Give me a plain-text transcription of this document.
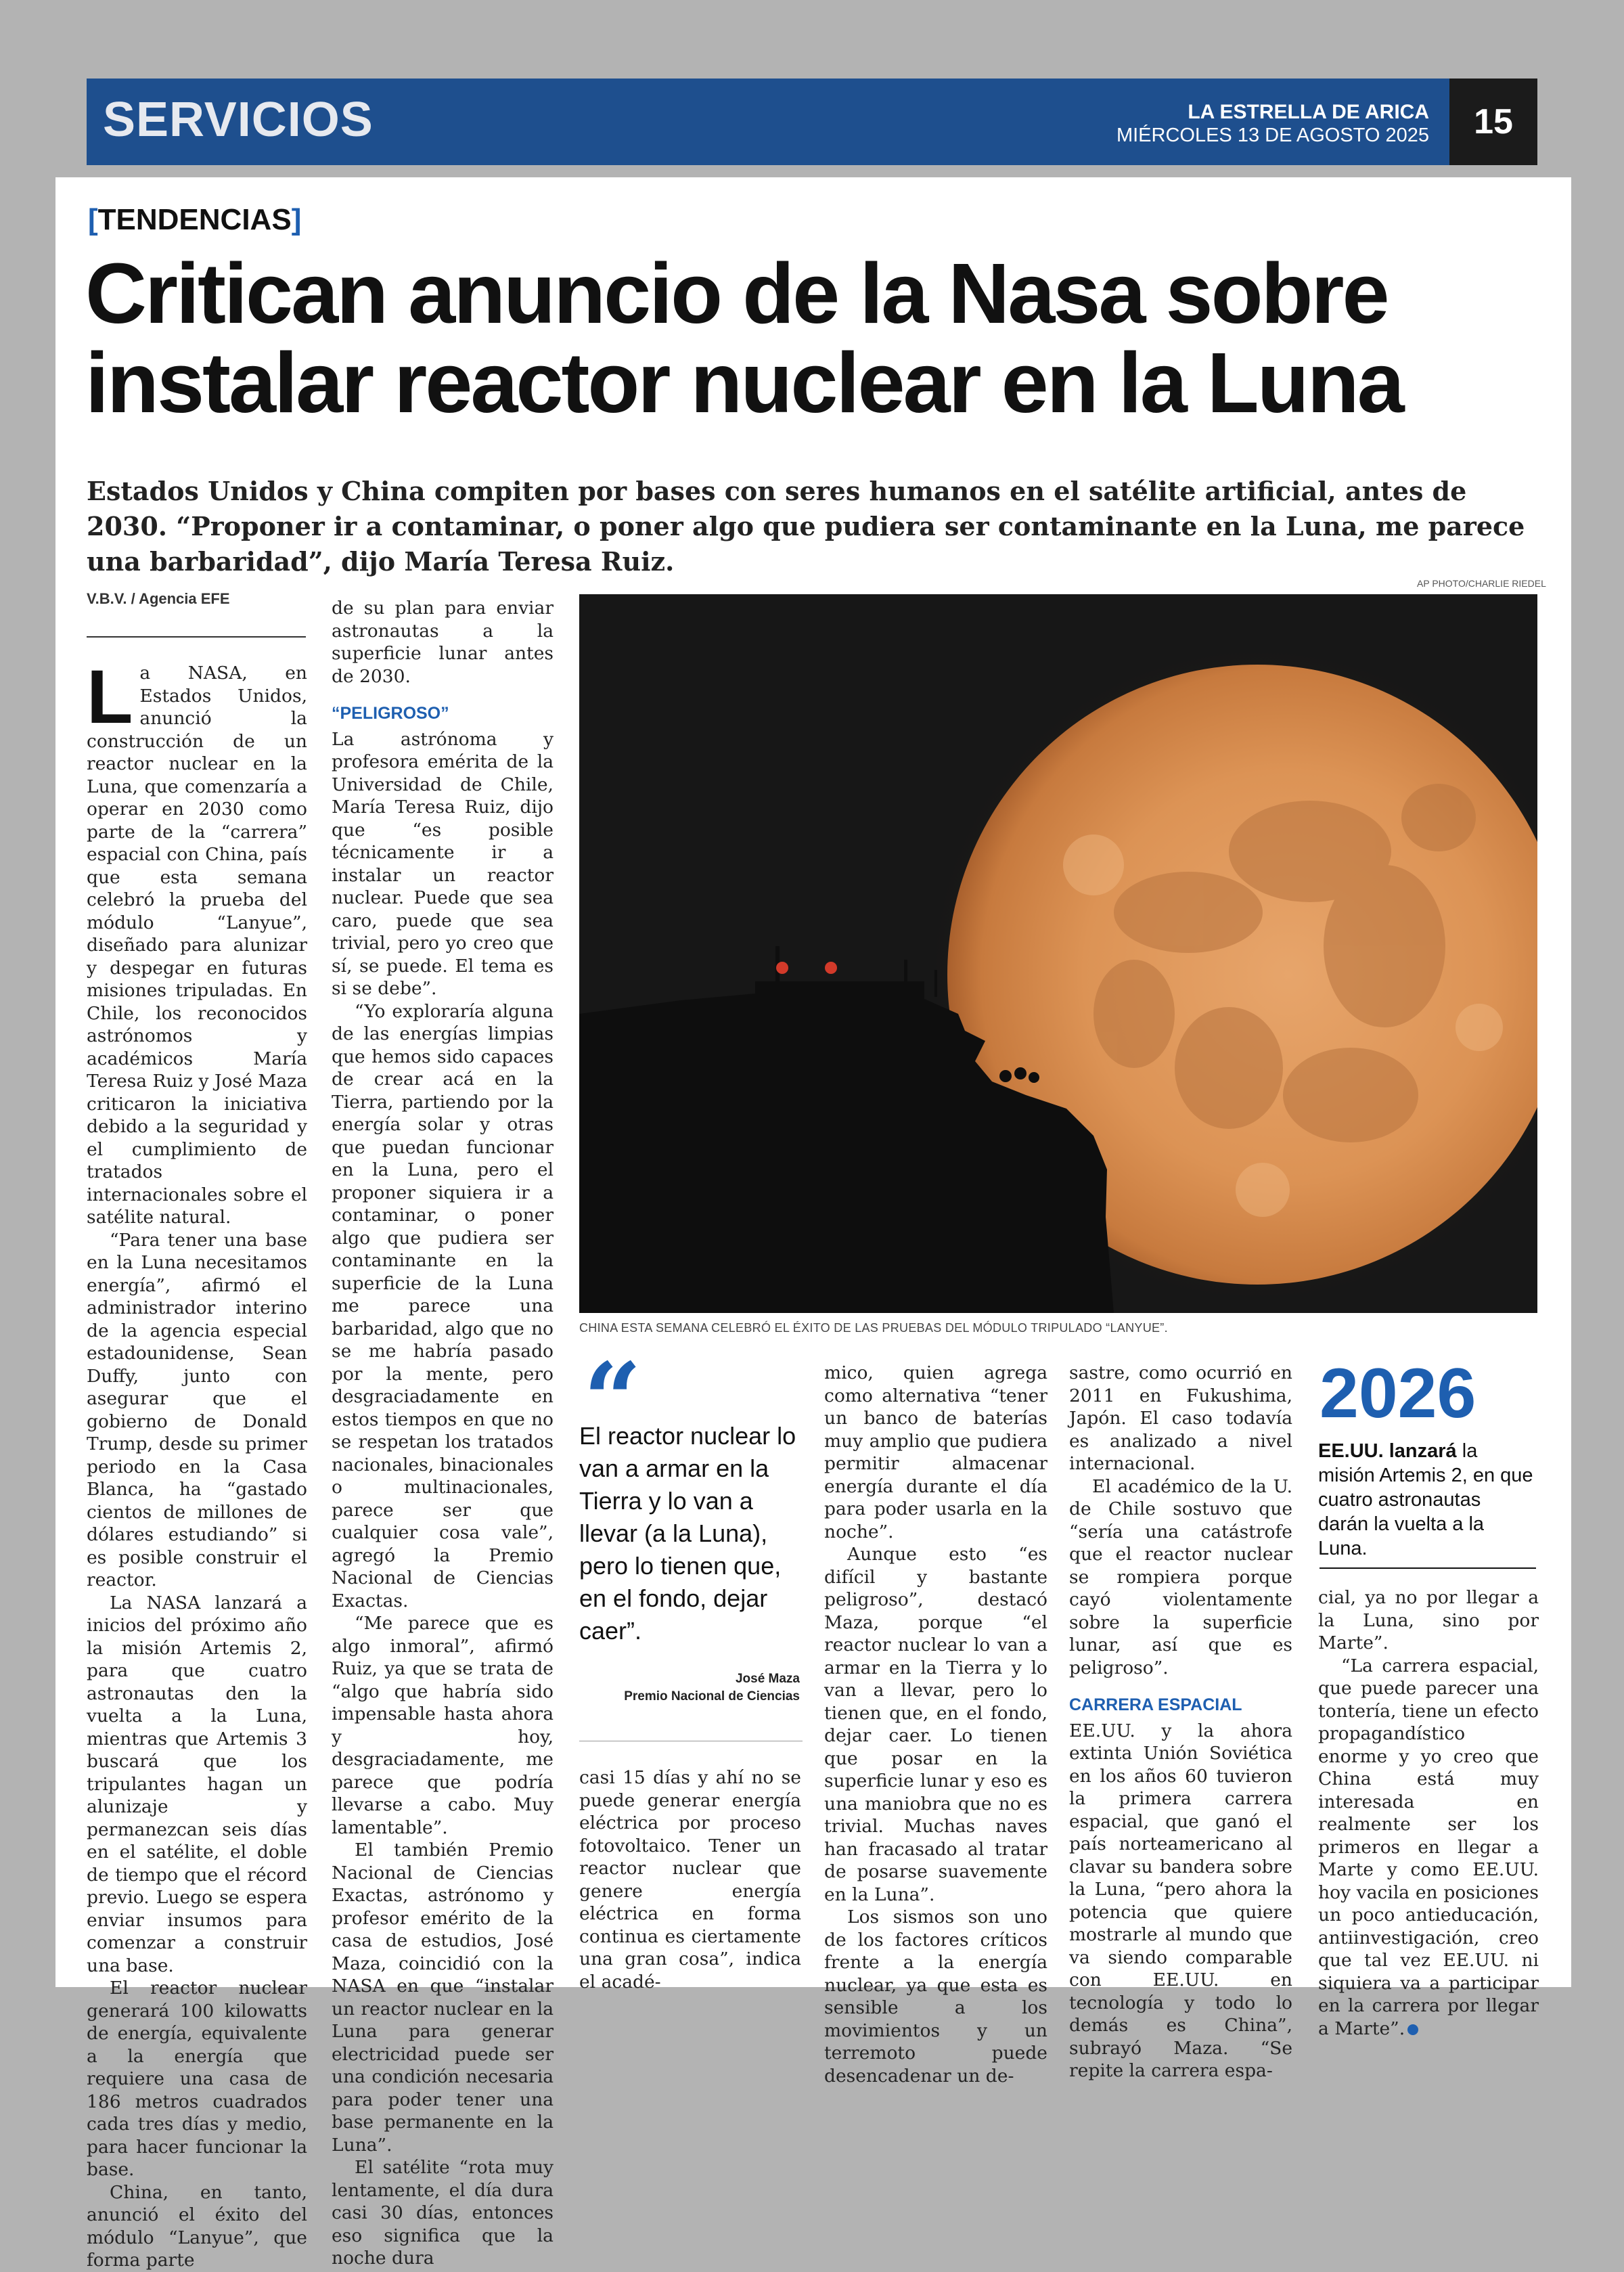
SERVICIOS	LA ESTRELLA DE ARICA
MIÉRCOLES 13 DE AGOSTO 2025	15
[TENDENCIAS]
Critican anuncio de la Nasa sobre instalar reactor nuclear en la Luna
Estados Unidos y China compiten por bases con seres humanos en el satélite artificial, antes de 2030. “Proponer ir a contaminar, o poner algo que pudiera ser contaminante en la Luna, me parece una barbaridad”, dijo María Teresa Ruiz.
V.B.V. / Agencia EFE

La NASA, en Estados Unidos, anunció la construcción de un reactor nuclear en la Luna, que comenzaría a operar en 2030 como parte de la “carrera” espacial con China, país que esta semana celebró la prueba del módulo “Lanyue”, diseñado para alunizar y despegar en futuras misiones tripuladas. En Chile, los reconocidos astrónomos y académicos María Teresa Ruiz y José Maza criticaron la iniciativa debido a la seguridad y el cumplimiento de tratados internacionales sobre el satélite natural.

“Para tener una base en la Luna necesitamos energía”, afirmó el administrador interino de la agencia especial estadounidense, Sean Duffy, junto con asegurar que el gobierno de Donald Trump, desde su primer periodo en la Casa Blanca, ha “gastado cientos de millones de dólares estudiando” si es posible construir el reactor.

La NASA lanzará a inicios del próximo año la misión Artemis 2, para que cuatro astronautas den la vuelta a la Luna, mientras que Artemis 3 buscará que los tripulantes hagan un alunizaje y permanezcan seis días en el satélite, el doble de tiempo que el récord previo. Luego se espera enviar insumos para comenzar a construir una base.

El reactor nuclear generará 100 kilowatts de energía, equivalente a la energía que requiere una casa de 186 metros cuadrados cada tres días y medio, para hacer funcionar la base.

China, en tanto, anunció el éxito del módulo “Lanyue”, que forma parte

de su plan para enviar astronautas a la superficie lunar antes de 2030.

“PELIGROSO”

La astrónoma y profesora emérita de la Universidad de Chile, María Teresa Ruiz, dijo que “es posible técnicamente ir a instalar un reactor nuclear. Puede que sea caro, puede que sea trivial, pero yo creo que sí, se puede. El tema es si se debe”.

“Yo exploraría alguna de las energías limpias que hemos sido capaces de crear acá en la Tierra, partiendo por la energía solar y otras que puedan funcionar en la Luna, pero el proponer siquiera ir a contaminar, o poner algo que pudiera ser contaminante en la superficie de la Luna me parece una barbaridad, algo que no se me habría pasado por la mente, pero desgraciadamente en estos tiempos en que no se respetan los tratados nacionales, binacionales o multinacionales, parece ser que cualquier cosa vale”, agregó la Premio Nacional de Ciencias Exactas.

“Me parece que es algo inmoral”, afirmó Ruiz, ya que se trata de “algo que habría sido impensable hasta ahora y hoy, desgraciadamente, me parece que podría llevarse a cabo. Muy lamentable”.

El también Premio Nacional de Ciencias Exactas, astrónomo y profesor emérito de la casa de estudios, José Maza, coincidió con la NASA en que “instalar un reactor nuclear en la Luna para generar electricidad puede ser una condición necesaria para poder tener una base permanente en la Luna”.

El satélite “rota muy lentamente, el día dura casi 30 días, entonces eso significa que la noche dura

AP PHOTO/CHARLIE RIEDEL
CHINA ESTA SEMANA CELEBRÓ EL ÉXITO DE LAS PRUEBAS DEL MÓDULO TRIPULADO “LANYUE”.
“
El reactor nuclear lo van a armar en la Tierra y lo van a llevar (a la Luna), pero lo tienen que, en el fondo, dejar caer”.
José Maza
Premio Nacional de Ciencias

casi 15 días y ahí no se puede generar energía eléctrica por proceso fotovoltaico. Tener un reactor nuclear que genere energía eléctrica en forma continua es ciertamente una gran cosa”, indica el acadé-

mico, quien agrega como alternativa “tener un banco de baterías muy amplio que pudiera permitir almacenar energía durante el día para poder usarla en la noche”.

Aunque esto “es difícil y bastante peligroso”, destacó Maza, porque “el reactor nuclear lo van a armar en la Tierra y lo van a llevar, pero lo tienen que, en el fondo, dejar caer. Lo tienen que posar en la superficie lunar y eso es una maniobra que no es trivial. Muchas naves han fracasado al tratar de posarse suavemente en la Luna”.

Los sismos son uno de los factores críticos frente a la energía nuclear, ya que esta es sensible a los movimientos y un terremoto puede desencadenar un de-

sastre, como ocurrió en 2011 en Fukushima, Japón. El caso todavía es analizado a nivel internacional.

El académico de la U. de Chile sostuvo que “sería una catástrofe que el reactor nuclear se rompiera porque cayó violentamente sobre la superficie lunar, así que es peligroso”.

CARRERA ESPACIAL

EE.UU. y la ahora extinta Unión Soviética en los años 60 tuvieron la primera carrera espacial, que ganó el país norteamericano al clavar su bandera sobre la Luna, “pero ahora la potencia que quiere mostrarle al mundo que va siendo comparable con EE.UU. en tecnología y todo lo demás es China”, subrayó Maza. “Se repite la carrera espa-

2026
EE.UU. lanzará la misión Artemis 2, en que cuatro astronautas darán la vuelta a la Luna.

cial, ya no por llegar a la Luna, sino por Marte”.

“La carrera espacial, que puede parecer una tontería, tiene un efecto propagandístico enorme y yo creo que China está muy interesada en realmente ser los primeros en llegar a Marte y como EE.UU. hoy vacila en posiciones un poco antieducación, antiinvestigación, creo que tal vez EE.UU. ni siquiera va a participar en la carrera por llegar a Marte”.
